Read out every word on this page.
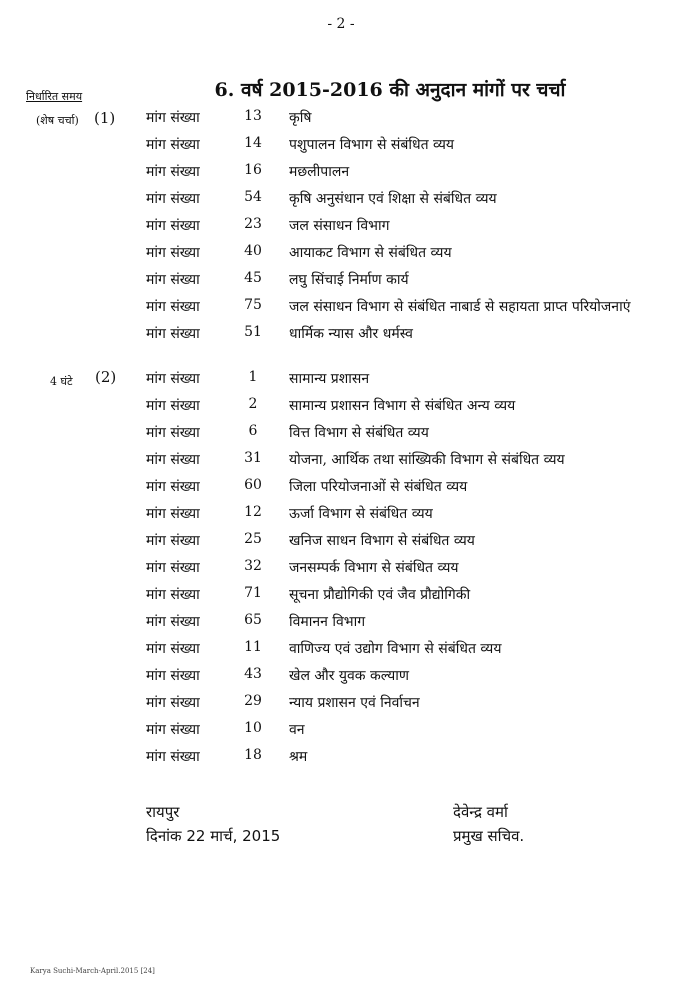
- 2 -
6. वर्ष 2015-2016 की अनुदान मांगों पर चर्चा
निर्धारित समय
(शेष चर्चा) (1)
4 घंटे (2)
मांग संख्या	13	कृषि
मांग संख्या	14	पशुपालन विभाग से संबंधित व्यय
मांग संख्या	16	मछलीपालन
मांग संख्या	54	कृषि अनुसंधान एवं शिक्षा से संबंधित व्यय
मांग संख्या	23	जल संसाधन विभाग
मांग संख्या	40	आयाकट विभाग से संबंधित व्यय
मांग संख्या	45	लघु सिंचाई निर्माण कार्य
मांग संख्या	75	जल संसाधन विभाग से संबंधित नाबार्ड से सहायता प्राप्त परियोजनाएं
मांग संख्या	51	धार्मिक न्यास और धर्मस्व
मांग संख्या	1	सामान्य प्रशासन
मांग संख्या	2	सामान्य प्रशासन विभाग से संबंधित अन्य व्यय
मांग संख्या	6	वित्त विभाग से संबंधित व्यय
मांग संख्या	31	योजना, आर्थिक तथा सांख्यिकी विभाग से संबंधित व्यय
मांग संख्या	60	जिला परियोजनाओं से संबंधित व्यय
मांग संख्या	12	ऊर्जा विभाग से संबंधित व्यय
मांग संख्या	25	खनिज साधन विभाग से संबंधित व्यय
मांग संख्या	32	जनसम्पर्क विभाग से संबंधित व्यय
मांग संख्या	71	सूचना प्रौद्योगिकी एवं जैव प्रौद्योगिकी
मांग संख्या	65	विमानन विभाग
मांग संख्या	11	वाणिज्य एवं उद्योग विभाग से संबंधित व्यय
मांग संख्या	43	खेल और युवक कल्याण
मांग संख्या	29	न्याय प्रशासन एवं निर्वाचन
मांग संख्या	10	वन
मांग संख्या	18	श्रम
रायपुर
दिनांक 22 मार्च, 2015
देवेन्द्र वर्मा
प्रमुख सचिव.
Karya Suchi-March-April.2015 [24]
